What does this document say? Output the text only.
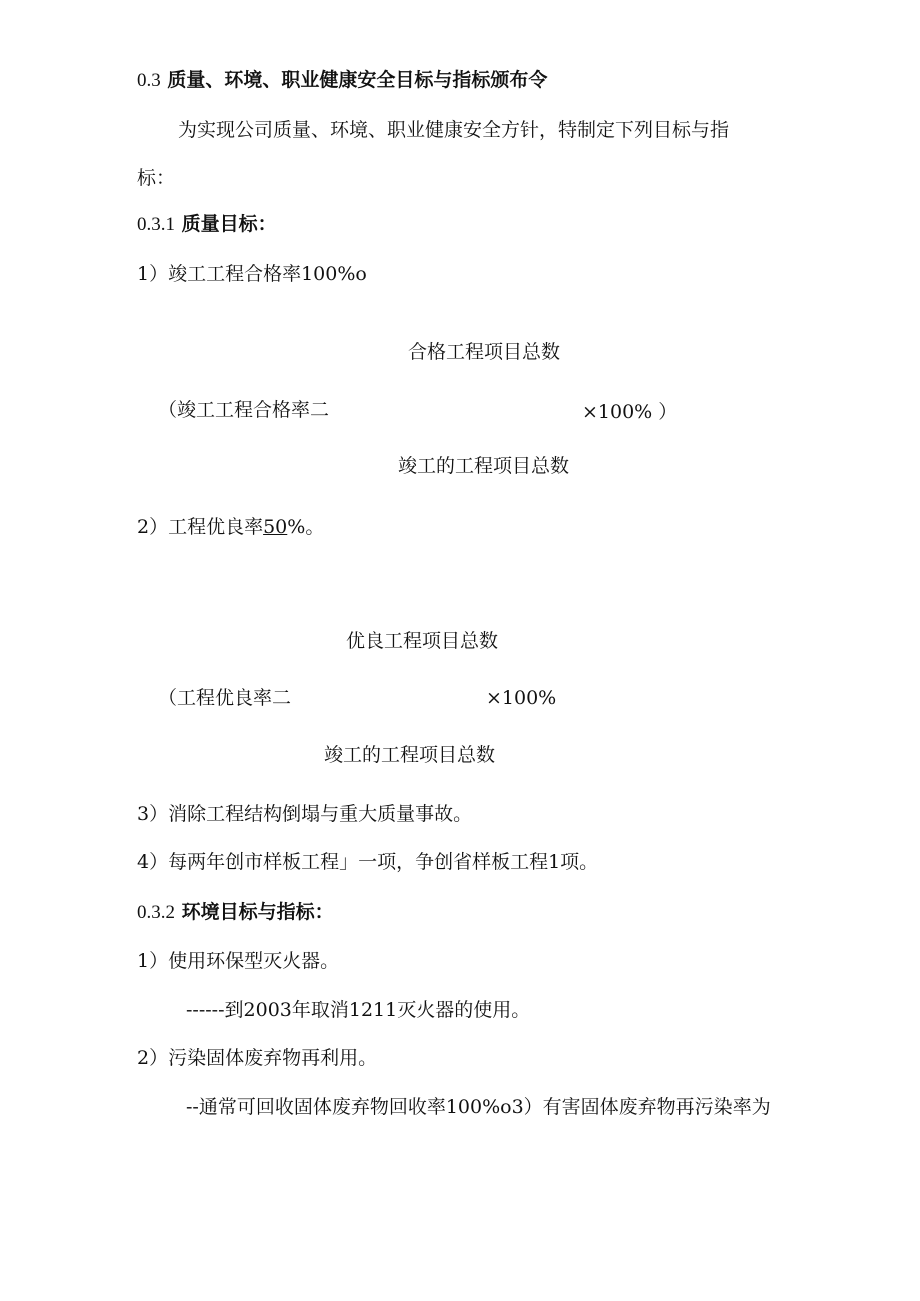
0.3 质量、环境、职业健康安全目标与指标颁布令
为实现公司质量、环境、职业健康安全方针，特制定下列目标与指
标：
0.3.1 质量目标：
1）竣工工程合格率100%o
合格工程项目总数
（竣工工程合格率二	×100% ）
竣工的工程项目总数
2）工程优良率50%。
优良工程项目总数
（工程优良率二	×100%
竣工的工程项目总数
3）消除工程结构倒塌与重大质量事故。
4）每两年创市样板工程」一项，争创省样板工程1项。
0.3.2 环境目标与指标：
1）使用环保型灭火器。
------到2003年取消1211灭火器的使用。
2）污染固体废弃物再利用。
--通常可回收固体废弃物回收率100%o3）有害固体废弃物再污染率为
